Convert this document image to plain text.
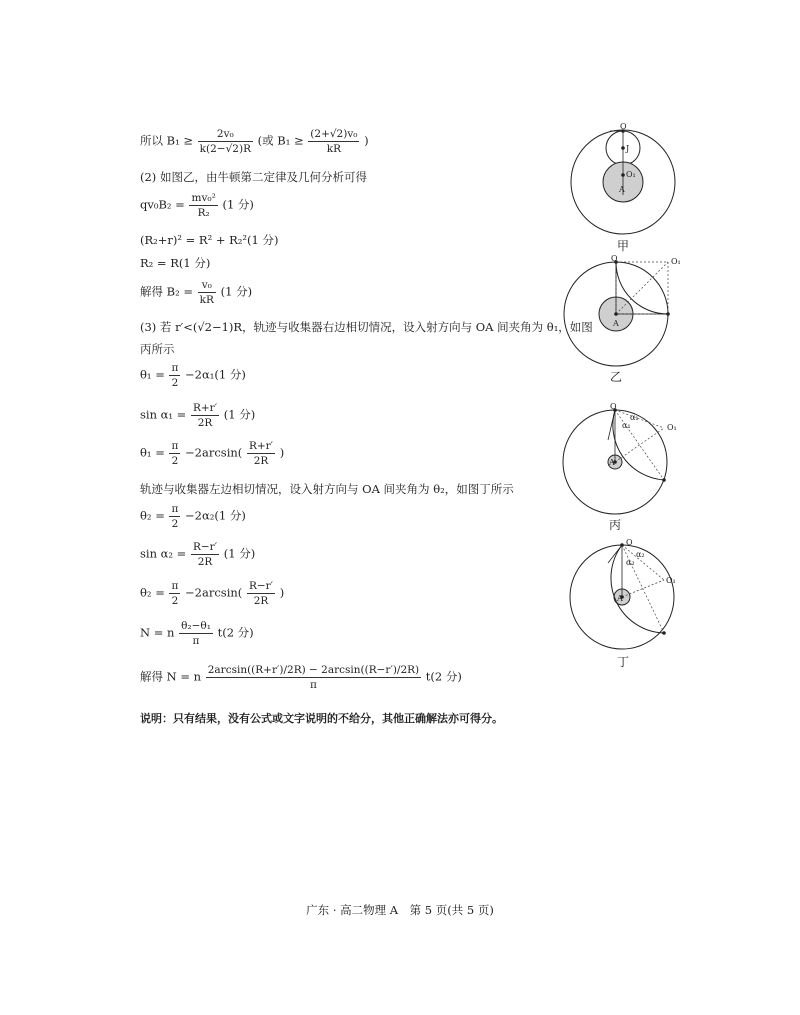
所以 $B_1 \ge \frac{\text{2v₀}}{k(2-√2)R}$ (或 $B_1 \ge \frac{\text{(2+√2)v₀}}{kR}$ )
(2) 如图乙，由牛顿第二定律及几何分析可得
$qv_0B_2 = \frac{\text{mv₀²}}{\text{R₂}} (1$ 分)
(R₂+r)² = R² + R₂²(1 分)
R₂ = R(1 分)
解得 $B_2 = \frac{\text{v₀}}{kR} (1$ 分)
(3) 若 r′<(√2−1)R，轨迹与收集器右边相切情况，设入射方向与 OA 间夹角为 θ₁，如图
丙所示
$\theta_1 = \frac{\pi}{2} -2\alpha_1(1$ 分)
$\sin \alpha_1 = \frac{R+r'}{2R} (1$ 分)
$\theta_1 = \frac{\pi}{2} -2\arcsin( \frac{R+r'}{2R}$ )
轨迹与收集器左边相切情况，设入射方向与 OA 间夹角为 θ₂，如图丁所示
$\theta_2 = \frac{\pi}{2} -2\alpha_2(1$ 分)
$\sin \alpha_2 = \frac{R-r'}{2R} (1$ 分)
$\theta_2 = \frac{\pi}{2} -2\arcsin( \frac{R-r'}{2R}$ )
N = n $\frac{\text{θ₂−θ₁}}{\pi} t(2$ 分)
解得 N = n $\frac{2\arcsin((R+r')/2R) - 2\arcsin((R-r')/2R)}{\pi} t(2$ 分)
说明：只有结果，没有公式或文字说明的不给分，其他正确解法亦可得分。
O
J
O₁
A
甲
O	O₁
A
乙
O
O₁
A
α₁
α₁
丙
O
O₁
A
α₂
α₂
丁
广东 · 高二物理 A　第 5 页(共 5 页)
